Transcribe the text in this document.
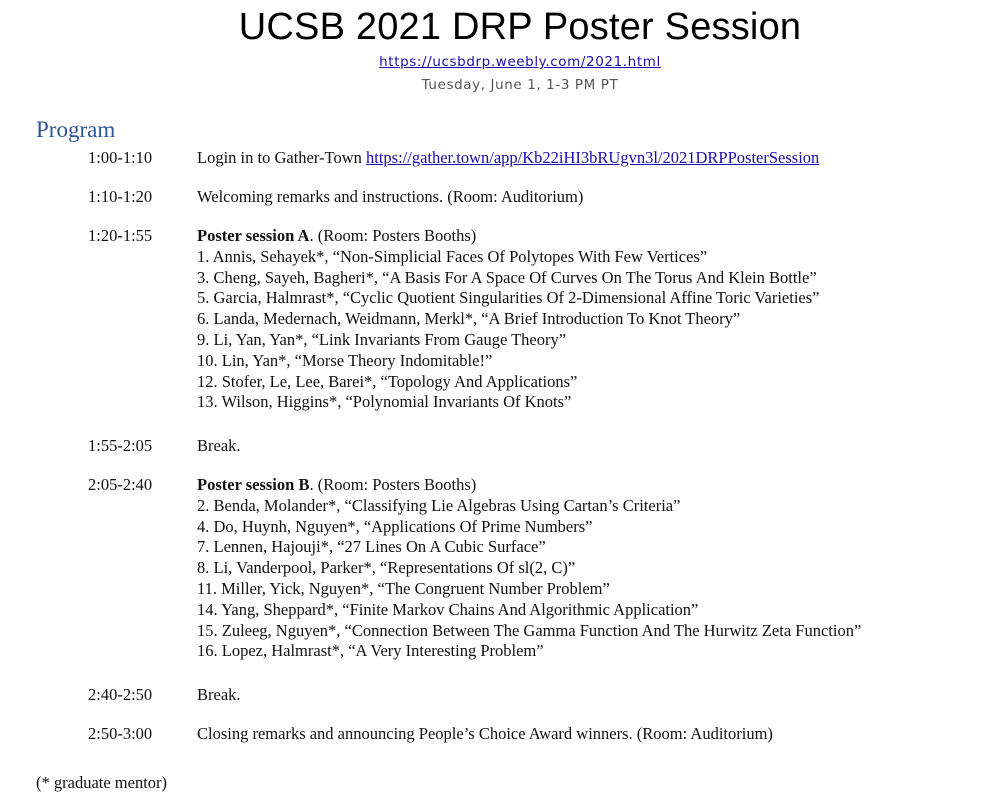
UCSB 2021 DRP Poster Session
https://ucsbdrp.weebly.com/2021.html
Tuesday, June 1, 1-3 PM PT
Program
1:00-1:10	Login in to Gather-Town https://gather.town/app/Kb22iHI3bRUgvn3l/2021DRPPosterSession
1:10-1:20	Welcoming remarks and instructions. (Room: Auditorium)
1:20-1:55	Poster session A. (Room: Posters Booths)
1. Annis, Sehayek*, “Non-Simplicial Faces Of Polytopes With Few Vertices”
3. Cheng, Sayeh, Bagheri*, “A Basis For A Space Of Curves On The Torus And Klein Bottle”
5. Garcia, Halmrast*, “Cyclic Quotient Singularities Of 2-Dimensional Affine Toric Varieties”
6. Landa, Medernach, Weidmann, Merkl*, “A Brief Introduction To Knot Theory”
9. Li, Yan, Yan*, “Link Invariants From Gauge Theory”
10. Lin, Yan*, “Morse Theory Indomitable!”
12. Stofer, Le, Lee, Barei*, “Topology And Applications”
13. Wilson, Higgins*, “Polynomial Invariants Of Knots”
1:55-2:05	Break.
2:05-2:40	Poster session B. (Room: Posters Booths)
2. Benda, Molander*, “Classifying Lie Algebras Using Cartan’s Criteria”
4. Do, Huynh, Nguyen*, “Applications Of Prime Numbers”
7. Lennen, Hajouji*, “27 Lines On A Cubic Surface”
8. Li, Vanderpool, Parker*, “Representations Of sl(2, C)”
11. Miller, Yick, Nguyen*, “The Congruent Number Problem”
14. Yang, Sheppard*, “Finite Markov Chains And Algorithmic Application”
15. Zuleeg, Nguyen*, “Connection Between The Gamma Function And The Hurwitz Zeta Function”
16. Lopez, Halmrast*, “A Very Interesting Problem”
2:40-2:50	Break.
2:50-3:00	Closing remarks and announcing People’s Choice Award winners. (Room: Auditorium)
(* graduate mentor)
